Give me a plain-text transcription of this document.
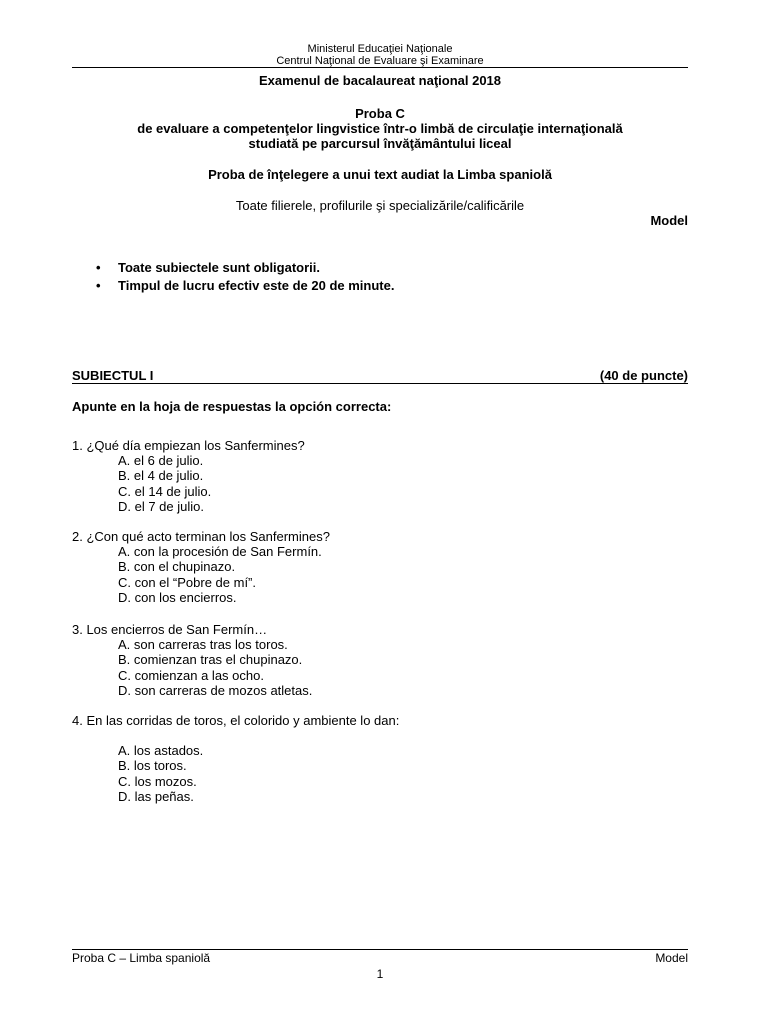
Ministerul Educaţiei Naţionale
Centrul Naţional de Evaluare şi Examinare
Examenul de bacalaureat naţional 2018
Proba C
de evaluare a competenţelor lingvistice într-o limbă de circulaţie internaţională
studiată pe parcursul învăţământului liceal
Proba de înţelegere a unui text audiat la Limba spaniolă
Toate filierele, profilurile şi specializările/calificările
Model
• Toate subiectele sunt obligatorii.
• Timpul de lucru efectiv este de 20 de minute.
SUBIECTUL I	(40 de puncte)
Apunte en la hoja de respuestas la opción correcta:
1. ¿Qué día empiezan los Sanfermines?
A. el 6 de julio.
B. el 4 de julio.
C. el 14 de julio.
D. el 7 de julio.
2. ¿Con qué acto terminan los Sanfermines?
A. con la procesión de San Fermín.
B. con el chupinazo.
C. con el “Pobre de mí”.
D. con los encierros.
3. Los encierros de San Fermín…
A. son carreras tras los toros.
B. comienzan tras el chupinazo.
C. comienzan a las ocho.
D. son carreras de mozos atletas.
4. En las corridas de toros, el colorido y ambiente lo dan:
A. los astados.
B. los toros.
C. los mozos.
D. las peñas.
Proba C – Limba spaniolă	Model
1
